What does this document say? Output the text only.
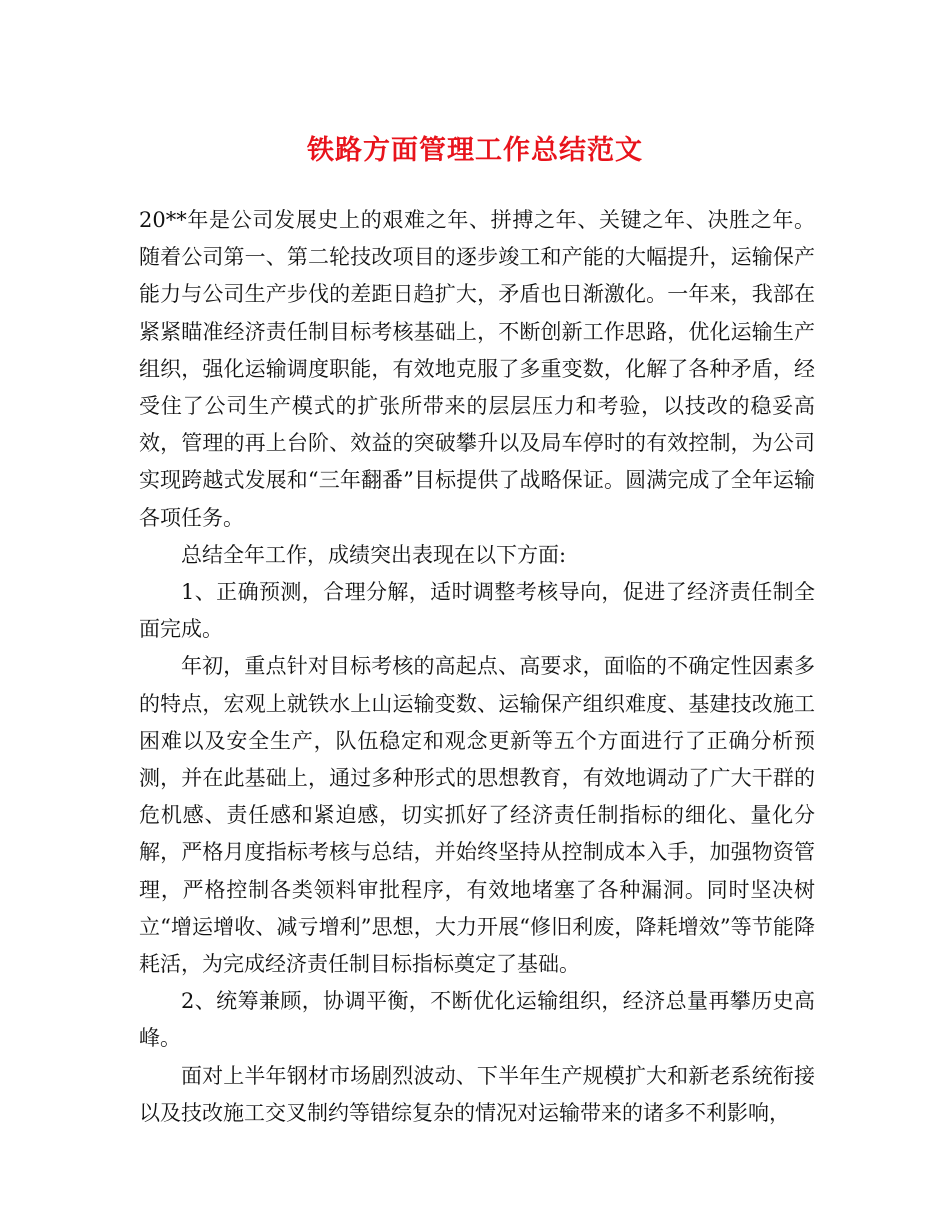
铁路方面管理工作总结范文

20**年是公司发展史上的艰难之年、拼搏之年、关键之年、决胜之年。随着公司第一、第二轮技改项目的逐步竣工和产能的大幅提升，运输保产能力与公司生产步伐的差距日趋扩大，矛盾也日渐激化。一年来，我部在紧紧瞄准经济责任制目标考核基础上，不断创新工作思路，优化运输生产组织，强化运输调度职能，有效地克服了多重变数，化解了各种矛盾，经受住了公司生产模式的扩张所带来的层层压力和考验，以技改的稳妥高效，管理的再上台阶、效益的突破攀升以及局车停时的有效控制，为公司实现跨越式发展和“三年翻番”目标提供了战略保证。圆满完成了全年运输各项任务。

总结全年工作，成绩突出表现在以下方面:

1、正确预测，合理分解，适时调整考核导向，促进了经济责任制全面完成。

年初，重点针对目标考核的高起点、高要求，面临的不确定性因素多的特点，宏观上就铁水上山运输变数、运输保产组织难度、基建技改施工困难以及安全生产，队伍稳定和观念更新等五个方面进行了正确分析预测，并在此基础上，通过多种形式的思想教育，有效地调动了广大干群的危机感、责任感和紧迫感，切实抓好了经济责任制指标的细化、量化分解，严格月度指标考核与总结，并始终坚持从控制成本入手，加强物资管理，严格控制各类领料审批程序，有效地堵塞了各种漏洞。同时坚决树立“增运增收、减亏增利”思想，大力开展“修旧利废，降耗增效”等节能降耗活，为完成经济责任制目标指标奠定了基础。

2、统筹兼顾，协调平衡，不断优化运输组织，经济总量再攀历史高峰。

面对上半年钢材市场剧烈波动、下半年生产规模扩大和新老系统衔接以及技改施工交叉制约等错综复杂的情况对运输带来的诸多不利影响，
